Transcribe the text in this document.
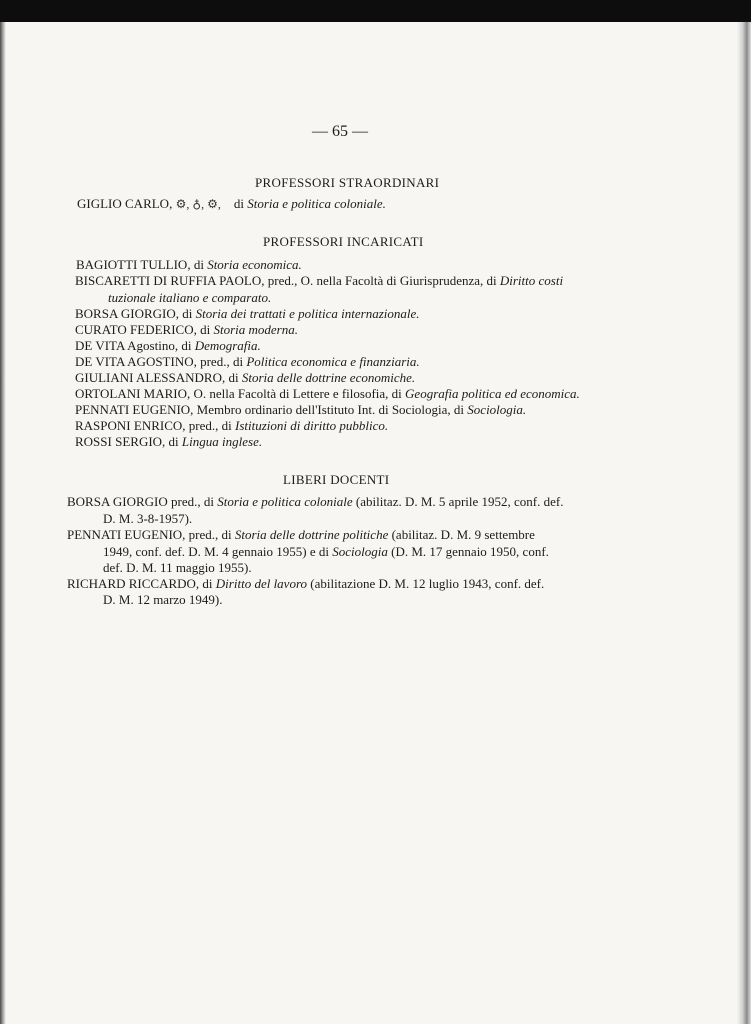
— 65 —
PROFESSORI STRAORDINARI
GIGLIO CARLO, ⚙, ♁, ⚙, di Storia e politica coloniale.
PROFESSORI INCARICATI
BAGIOTTI TULLIO, di Storia economica.
BISCARETTI DI RUFFIA PAOLO, pred., O. nella Facoltà di Giurisprudenza, di Diritto costi
tuzionale italiano e comparato.
BORSA GIORGIO, di Storia dei trattati e politica internazionale.
CURATO FEDERICO, di Storia moderna.
DE VITA Agostino, di Demografia.
DE VITA AGOSTINO, pred., di Politica economica e finanziaria.
GIULIANI ALESSANDRO, di Storia delle dottrine economiche.
ORTOLANI MARIO, O. nella Facoltà di Lettere e filosofia, di Geografia politica ed economica.
PENNATI EUGENIO, Membro ordinario dell'Istituto Int. di Sociologia, di Sociologia.
RASPONI ENRICO, pred., di Istituzioni di diritto pubblico.
ROSSI SERGIO, di Lingua inglese.
LIBERI DOCENTI
BORSA GIORGIO pred., di Storia e politica coloniale (abilitaz. D. M. 5 aprile 1952, conf. def.
D. M. 3-8-1957).
PENNATI EUGENIO, pred., di Storia delle dottrine politiche (abilitaz. D. M. 9 settembre
1949, conf. def. D. M. 4 gennaio 1955) e di Sociologia (D. M. 17 gennaio 1950, conf.
def. D. M. 11 maggio 1955).
RICHARD RICCARDO, di Diritto del lavoro (abilitazione D. M. 12 luglio 1943, conf. def.
D. M. 12 marzo 1949).
